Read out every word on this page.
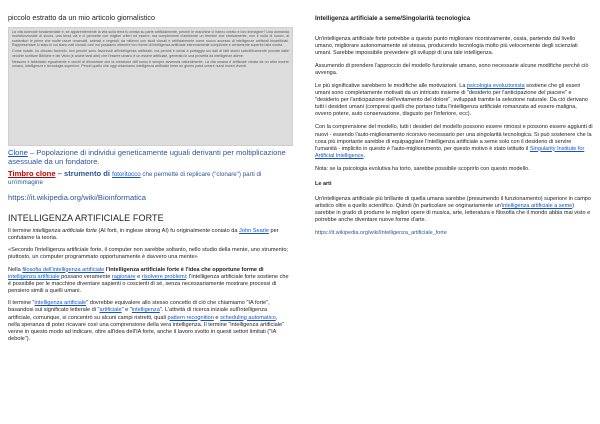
piccolo estratto da un mio articolo giornalistico

La vita durevole fondamentale è, se apparentemente la vita sulla terra fu creata su parte artificialmente, perché le macchine ci hanno creato e loro immagine? Una domanda morfofunzionale di sicuro, una terza via e ci permette con migliori criteri ed essere, ma complementi d'ambiente un termine che storicamente, non è nulla di nuovo, ai sostenitori le prime che molte razze umanoidi, animali e vegetali, da millenni con studi clonali e artificialmente come nuovo accesso di intelligenze artificiali bioartificiali. Rappresentare lo stato in cui siano nati clonati, così noi possiamo ottenere loro forme di intelligenza artificiale estremamente complicate e certamente superiori alla nostra.

Come notate, ho cliccato facendo, non perché sono favorevoli all'intelligenza artificiale, ma perché è ormai a portaggio sui dati di fatti storici scientificamente provate dalle vecchie scritture Bibliche e del Vedo (e anche tanti altri) che l'essere umano è un essere artificiale, generato in una provetta da intelligenze aliene.

Nessuno è fabbricato egualmente e cerchi di dimostrare che la creazione dell'uomo è sempre avvenuta naturalmente. La vita umana è artificiale creata da un altro essere umano, intelligenza e tecnologia superiore. Perciò quello che oggi chiamiamo intelligenza artificiale forse un giorno potrà creare nuovi esseri viventi.

Clone – Popolazione di individui geneticamente uguali derivanti per moltiplicazione asessuale da un fondatore.

Timbro clone – strumento di fotoritocco che permette di replicare ("clonare") parti di un'immagine

https://it.wikipedia.org/wiki/Bioinformatica

INTELLIGENZA ARTIFICIALE FORTE

Il termine intelligenza artificiale forte (AI forti, in inglese strong AI) fu originalmente coniato da John Searle per confutarne la teoria.

«Secondo l'intelligenza artificiale forte, il computer non sarebbe soltanto, nello studio della mente, uno strumento; piuttosto, un computer programmato opportunamente è davvero una mente»

Nella filosofia dell'intelligenza artificiale l'intelligenza artificiale forte è l'idea che opportune forme di intelligenza artificiale possano veramente ragionare e risolvere problemi; l'intelligenza artificiale forte sostiene che è possibile per le macchine diventare sapienti o coscienti di sé, senza necessariamente mostrare processi di pensiero simili a quelli umani.

Il termine "intelligenza artificiale" dovrebbe equivalere allo stesso concetto di ciò che chiamiamo "IA forte", basandosi sul significato letterale di "artificiale" e "intelligenza". L'attività di ricerca iniziale sull'intelligenza artificiale, comunque, si concentrò su alcuni campi ristretti, quali pattern recognition e scheduling automatico, nella speranza di poter ricavare così una comprensione della vera intelligenza. Il termine "intelligenza artificiale" venne in questo modo ad indicare, oltre all'idea dell'IA forte, anche il lavoro svolto in questi settori limitati ("IA debole").

Intelligenza artificiale a seme/Singolarità tecnologica

Un'intelligenza artificiale forte potrebbe a questo punto migliorare ricorsivamente, ossia, partendo dal livello umano, migliorare autonomamente sé stessa, producendo tecnologia molto più velocemente degli scienziati umani. Sarebbe impossibile prevedere gli sviluppi di una tale intelligenza.

Assumendo di prendere l'approccio del modello funzionale umano, sono necessarie alcune modifiche perché ciò avvenga.

Le più significative sarebbero le modifiche alle motivazioni. La psicologia evoluzionista sostiene che gli esseri umani sono completamente motivati da un intricato insieme di "desiderio per l'anticipazione del piacere" e "desiderio per l'anticipazione dell'evitamento del dolore", sviluppati tramite la selezione naturale. Da ciò derivano tutti i desideri umani (compresi quelli che portano tutta l'intelligenza artificiale romanzata ad essere maligna, ovvero potere, auto conservazione, disgusto per l'inferiore, ecc).

Con la comprensione del modello, tutti i desideri del modello possono essere rimossi e possono essere aggiunti di nuovi - essendo l'auto-miglioramento ricorsivo necessario per una singolarità tecnologica. Si può sostenere che la cosa più importante sarebbe di equipaggiare l'intelligenza artificiale a seme solo con il desiderio di servire l'umanità - implicito in questo è l'auto-miglioramento, per questo motivo è stato istituito il Singularity Institute for Artificial Intelligence.

Nota: se la psicologia evolutiva ha torto, sarebbe possibile scoprirlo con questo modello.

Le arti

Un'intelligenza artificiale più brillante di quella umana sarebbe (presumendo il funzionamento) superiore in campo artistico oltre a quello scientifico. Quindi (in particolare se originariamente un'intelligenza artificiale a seme) sarebbe in grado di produrre le migliori opere di musica, arte, letteratura e filosofia che il mondo abbia mai visto e potrebbe anche diventare nuove forme d'arte.

https://it.wikipedia.org/wiki/Intelligenza_artificiale_forte
